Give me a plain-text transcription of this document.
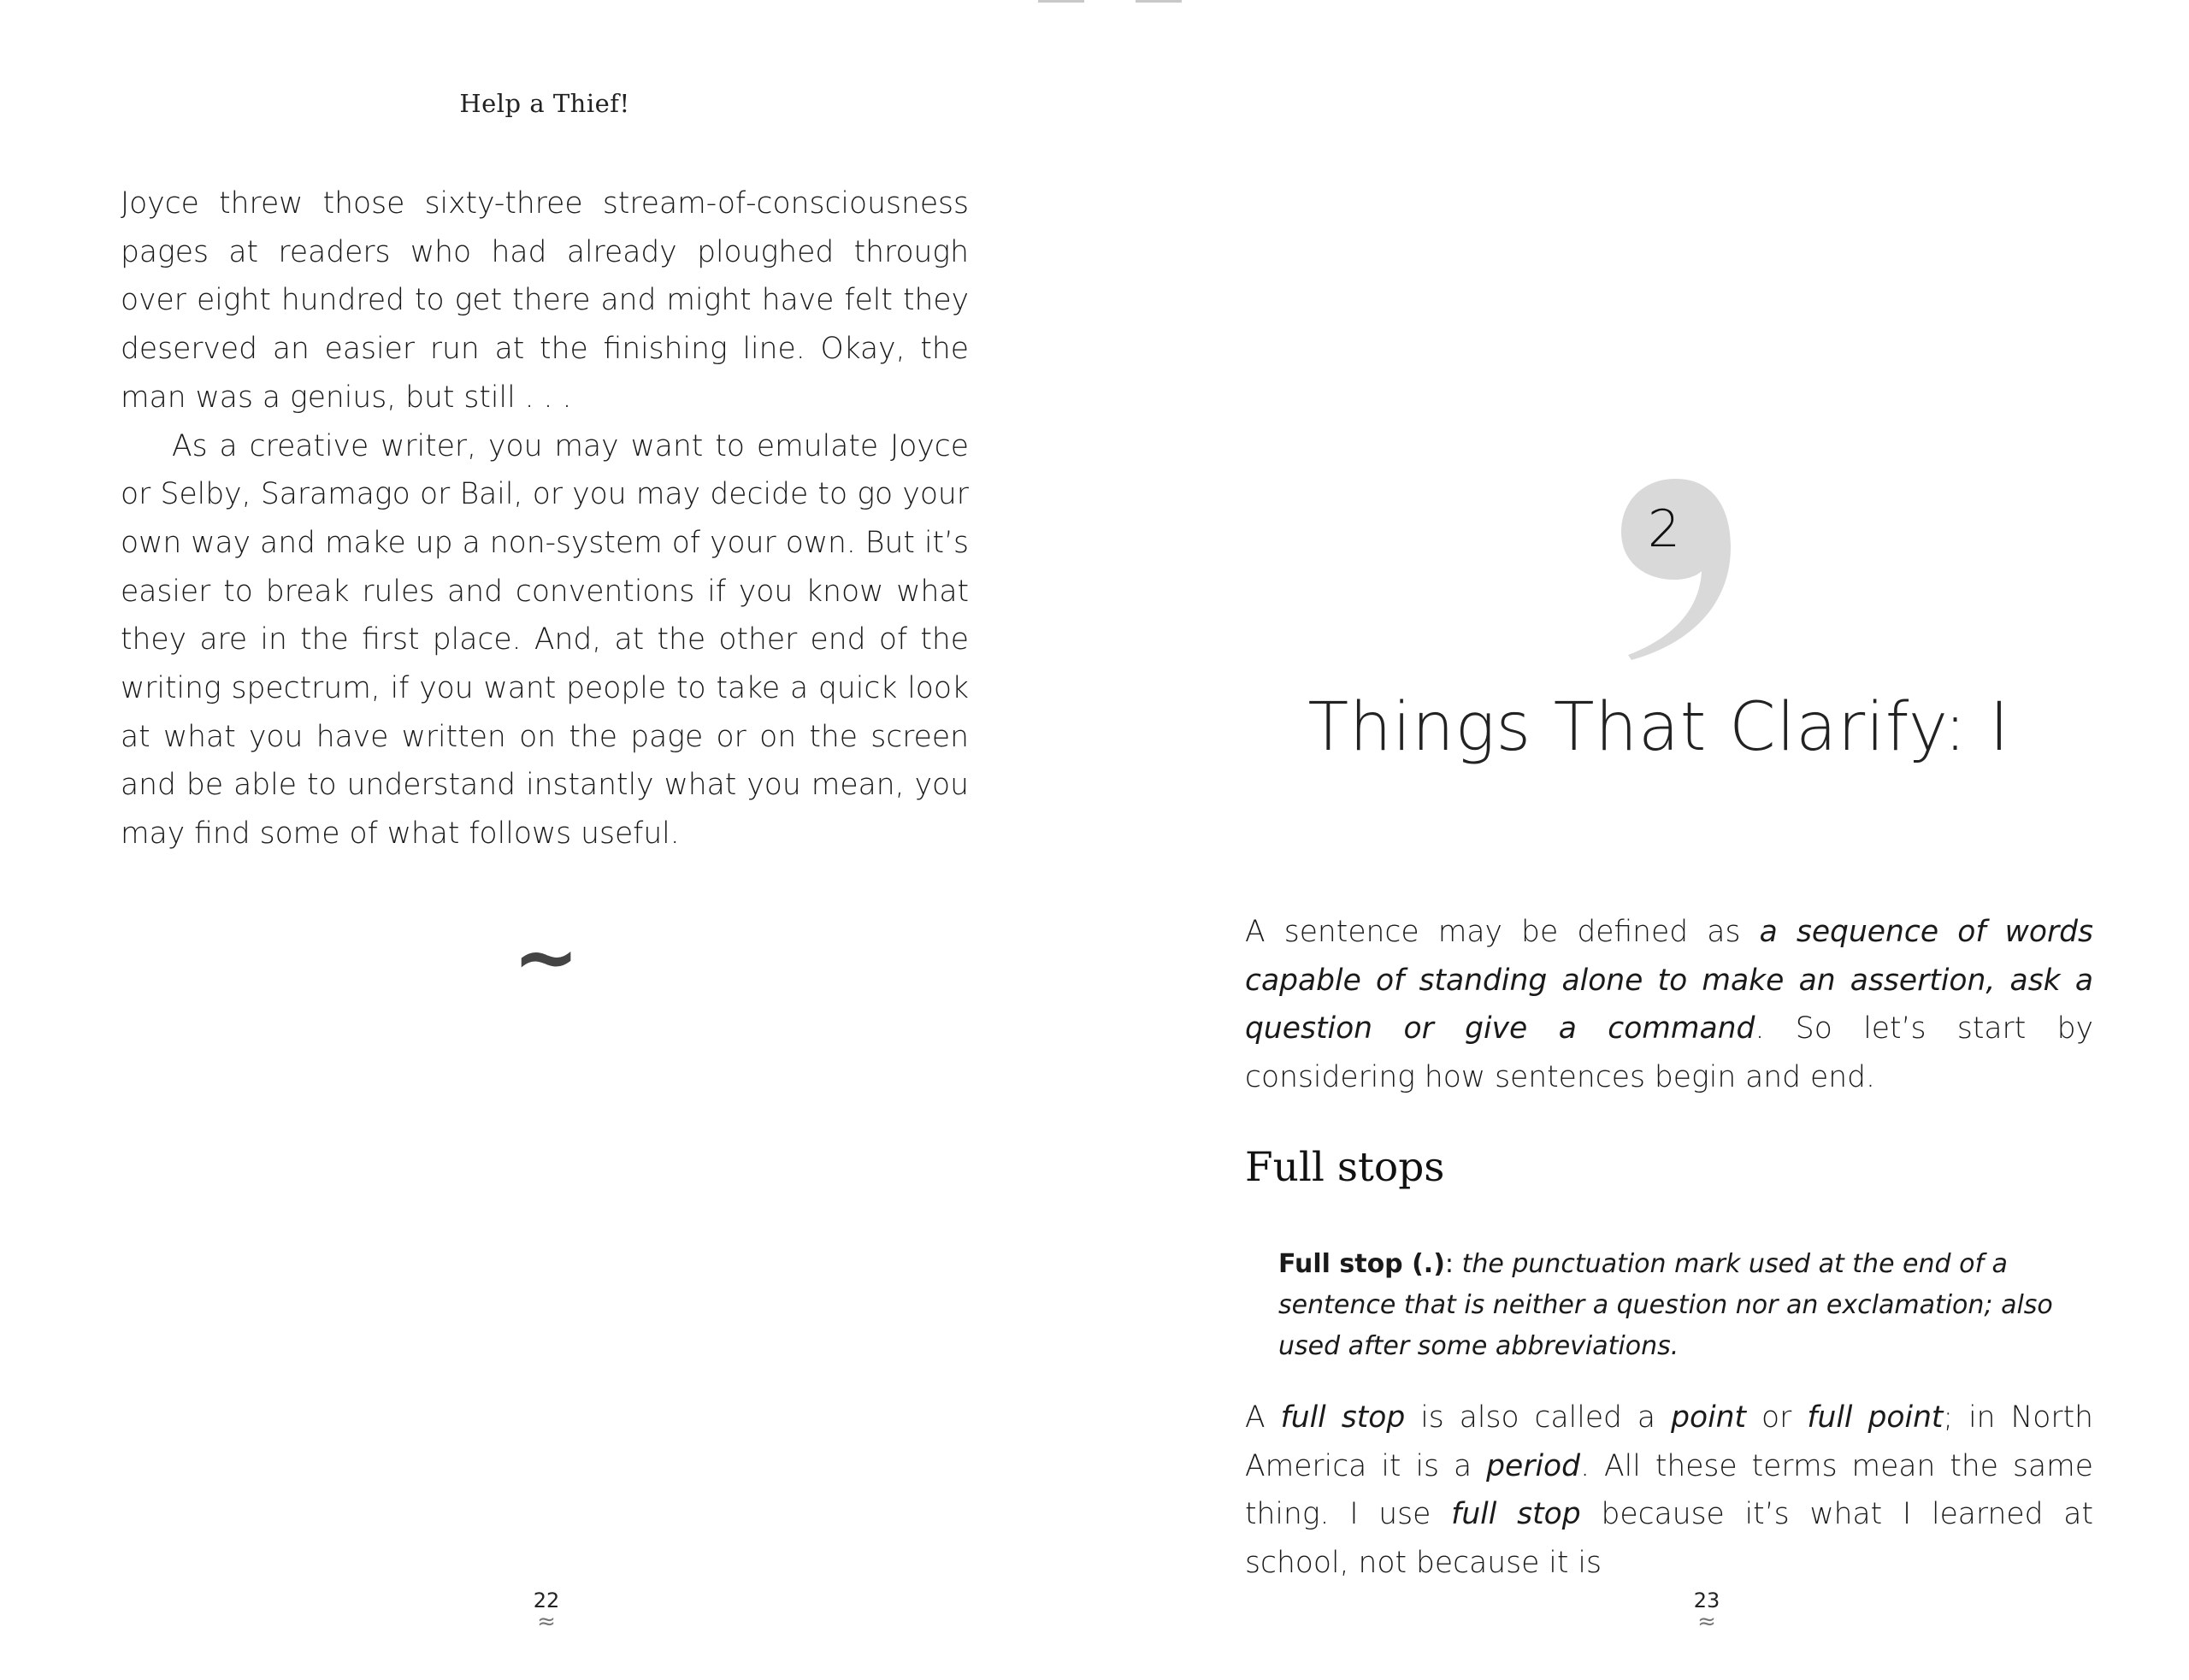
Help a Thief!

Joyce threw those sixty-three stream-of-consciousness pages at readers who had already ploughed through over eight hundred to get there and might have felt they deserved an easier run at the finishing line. Okay, the man was a genius, but still . . .

As a creative writer, you may want to emulate Joyce or Selby, Saramago or Bail, or you may decide to go your own way and make up a non-system of your own. But it’s easier to break rules and conventions if you know what they are in the first place. And, at the other end of the writing spectrum, if you want people to take a quick look at what you have written on the page or on the screen and be able to understand instantly what you mean, you may find some of what follows useful.

~
22
≈
2
Things That Clarify: I

A sentence may be defined as a sequence of words capable of standing alone to make an assertion, ask a question or give a command. So let’s start by considering how sentences begin and end.

Full stops
Full stop (.): the punctuation mark used at the end of a sentence that is neither a question nor an exclamation; also used after some abbreviations.

A full stop is also called a point or full point; in North America it is a period. All these terms mean the same thing. I use full stop because it’s what I learned at school, not because it is

23
≈
